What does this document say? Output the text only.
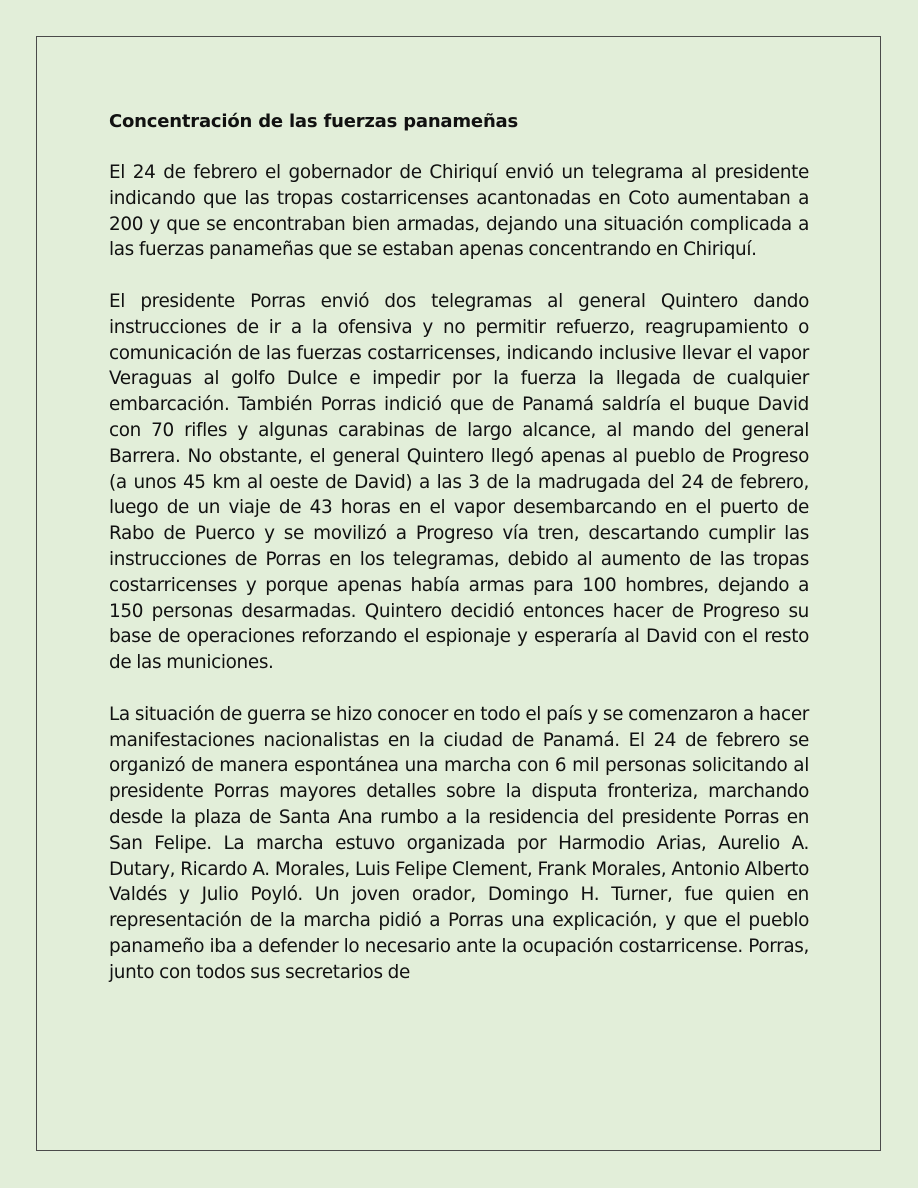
Concentración de las fuerzas panameñas

El 24 de febrero el gobernador de Chiriquí envió un telegrama al presidente indicando que las tropas costarricenses acantonadas en Coto aumentaban a 200 y que se encontraban bien armadas, dejando una situación complicada a las fuerzas panameñas que se estaban apenas concentrando en Chiriquí.

El presidente Porras envió dos telegramas al general Quintero dando instrucciones de ir a la ofensiva y no permitir refuerzo, reagrupamiento o comunicación de las fuerzas costarricenses, indicando inclusive llevar el vapor Veraguas al golfo Dulce e impedir por la fuerza la llegada de cualquier embarcación. También Porras indició que de Panamá saldría el buque David con 70 rifles y algunas carabinas de largo alcance, al mando del general Barrera. No obstante, el general Quintero llegó apenas al pueblo de Progreso (a unos 45 km al oeste de David) a las 3 de la madrugada del 24 de febrero, luego de un viaje de 43 horas en el vapor desembarcando en el puerto de Rabo de Puerco y se movilizó a Progreso vía tren, descartando cumplir las instrucciones de Porras en los telegramas, debido al aumento de las tropas costarricenses y porque apenas había armas para 100 hombres, dejando a 150 personas desarmadas. Quintero decidió entonces hacer de Progreso su base de operaciones reforzando el espionaje y esperaría al David con el resto de las municiones.

La situación de guerra se hizo conocer en todo el país y se comenzaron a hacer manifestaciones nacionalistas en la ciudad de Panamá. El 24 de febrero se organizó de manera espontánea una marcha con 6 mil personas solicitando al presidente Porras mayores detalles sobre la disputa fronteriza, marchando desde la plaza de Santa Ana rumbo a la residencia del presidente Porras en San Felipe. La marcha estuvo organizada por Harmodio Arias, Aurelio A. Dutary, Ricardo A. Morales, Luis Felipe Clement, Frank Morales, Antonio Alberto Valdés y Julio Poyló. Un joven orador, Domingo H. Turner, fue quien en representación de la marcha pidió a Porras una explicación, y que el pueblo panameño iba a defender lo necesario ante la ocupación costarricense. Porras, junto con todos sus secretarios de
